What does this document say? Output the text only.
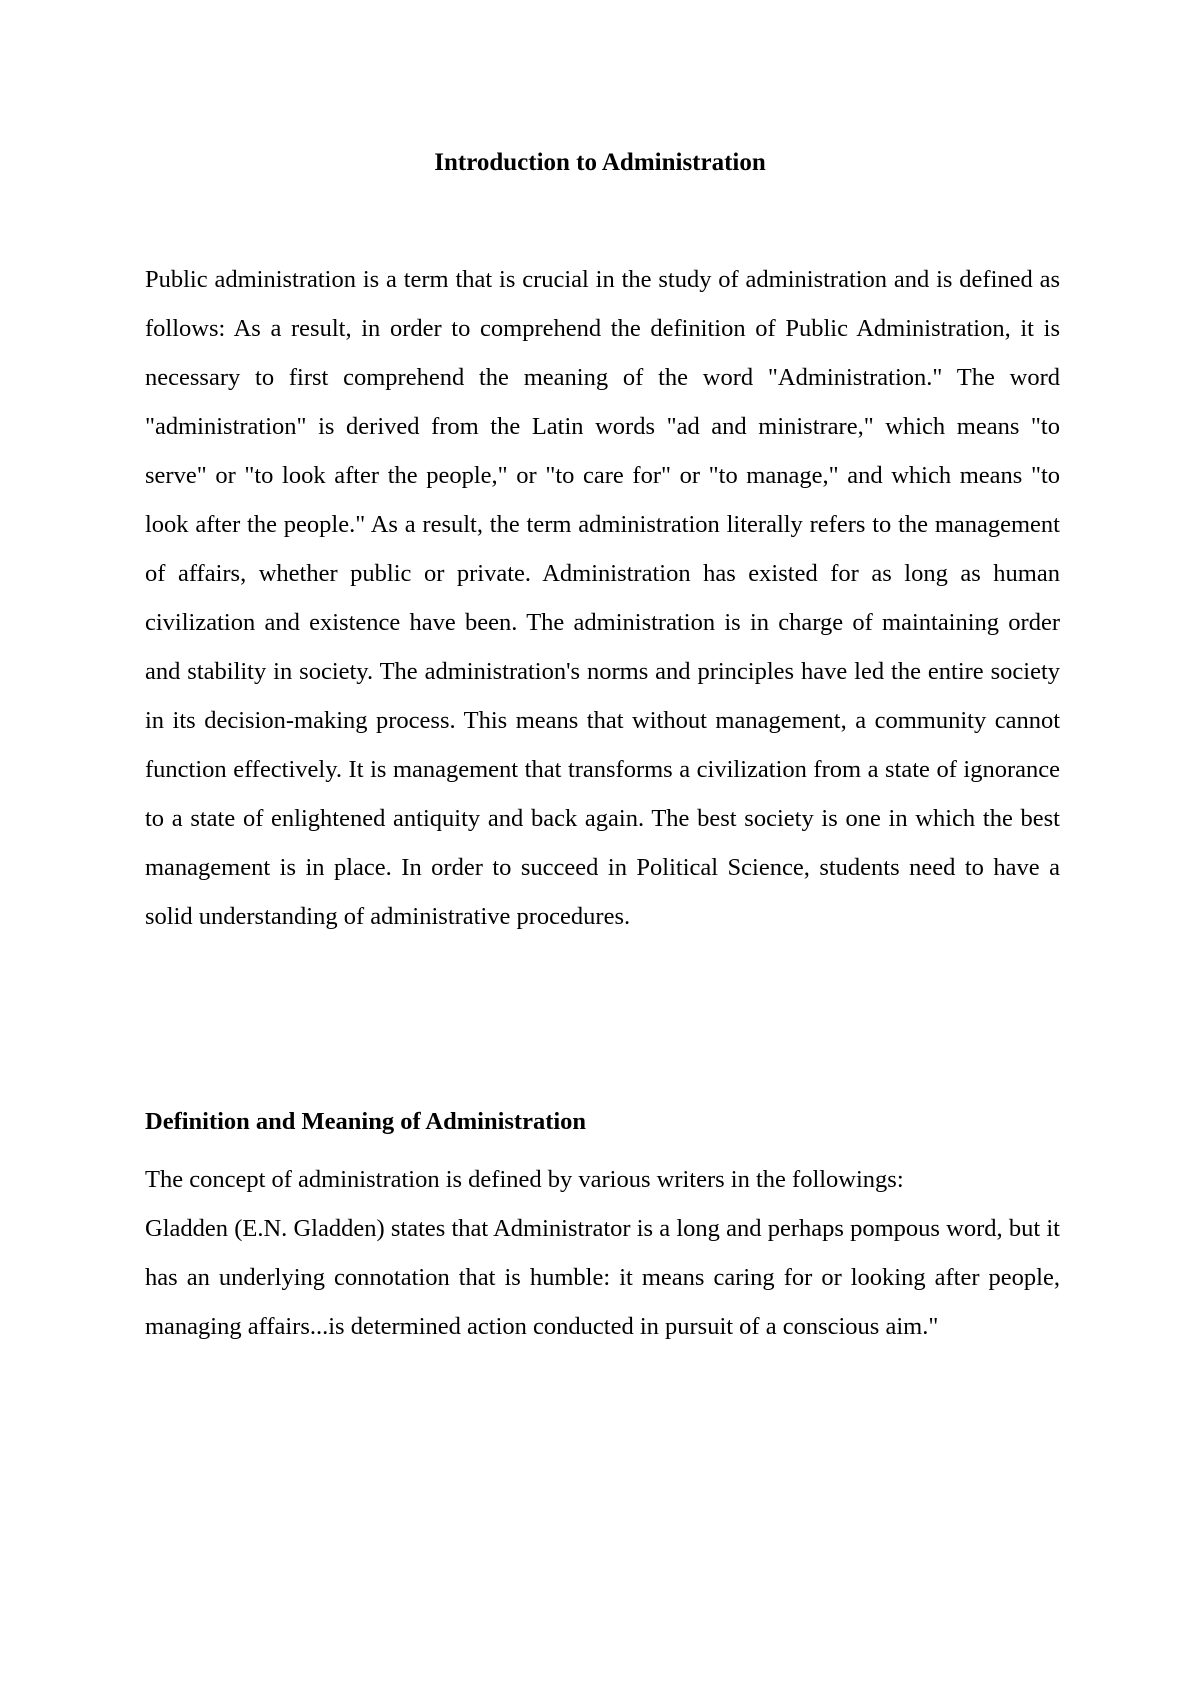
Introduction to Administration

Public administration is a term that is crucial in the study of administration and is defined as follows: As a result, in order to comprehend the definition of Public Administration, it is necessary to first comprehend the meaning of the word "Administration." The word "administration" is derived from the Latin words "ad and ministrare," which means "to serve" or "to look after the people," or "to care for" or "to manage," and which means "to look after the people." As a result, the term administration literally refers to the management of affairs, whether public or private. Administration has existed for as long as human civilization and existence have been. The administration is in charge of maintaining order and stability in society. The administration's norms and principles have led the entire society in its decision-making process. This means that without management, a community cannot function effectively. It is management that transforms a civilization from a state of ignorance to a state of enlightened antiquity and back again. The best society is one in which the best management is in place. In order to succeed in Political Science, students need to have a solid understanding of administrative procedures.

Definition and Meaning of Administration

The concept of administration is defined by various writers in the followings:

Gladden (E.N. Gladden) states that Administrator is a long and perhaps pompous word, but it has an underlying connotation that is humble: it means caring for or looking after people, managing affairs...is determined action conducted in pursuit of a conscious aim."
